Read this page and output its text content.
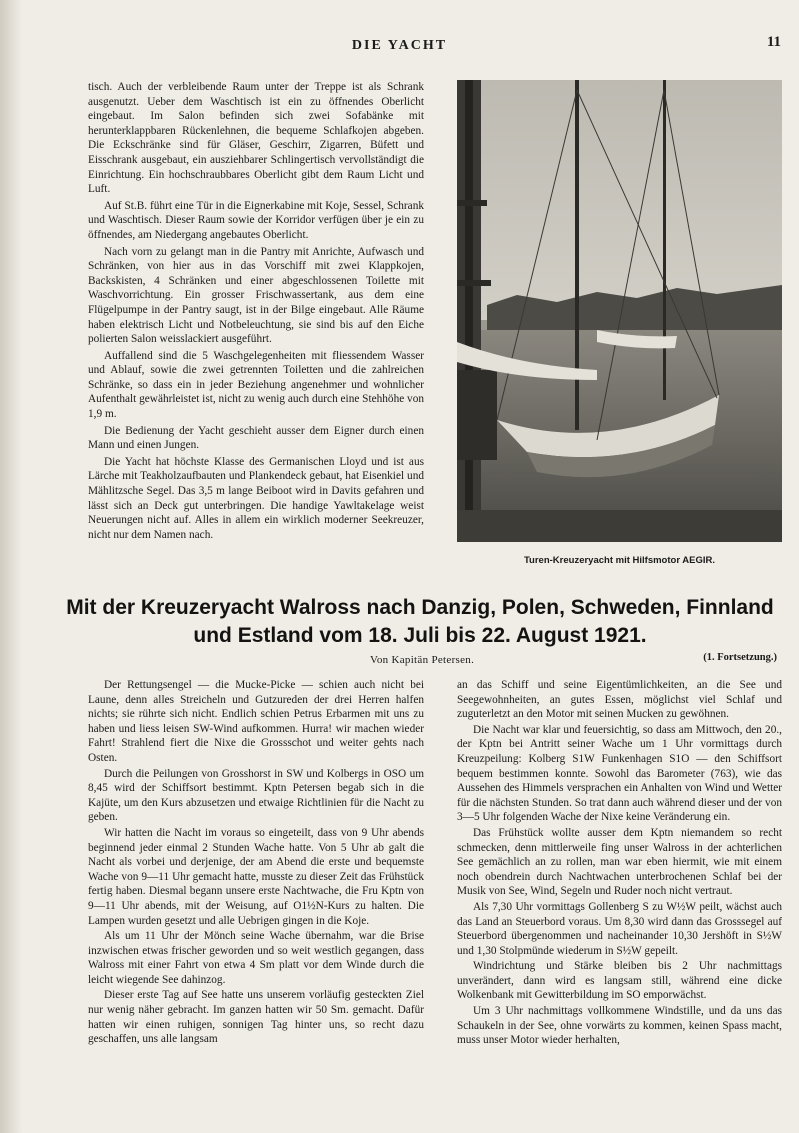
DIE YACHT	11

tisch. Auch der verbleibende Raum unter der Treppe ist als Schrank ausgenutzt. Ueber dem Waschtisch ist ein zu öffnendes Oberlicht eingebaut. Im Salon befinden sich zwei Sofabänke mit herunterklappbaren Rückenlehnen, die bequeme Schlafkojen abgeben. Die Eckschränke sind für Gläser, Geschirr, Zigarren, Büfett und Eisschrank ausgebaut, ein ausziehbarer Schlingertisch vervollständigt die Einrichtung. Ein hochschraubbares Oberlicht gibt dem Raum Licht und Luft.

Auf St.B. führt eine Tür in die Eignerkabine mit Koje, Sessel, Schrank und Waschtisch. Dieser Raum sowie der Korridor verfügen über je ein zu öffnendes, am Niedergang angebautes Oberlicht.

Nach vorn zu gelangt man in die Pantry mit Anrichte, Aufwasch und Schränken, von hier aus in das Vorschiff mit zwei Klappkojen, Backskisten, 4 Schränken und einer abgeschlossenen Toilette mit Waschvorrichtung. Ein grosser Frischwassertank, aus dem eine Flügelpumpe in der Pantry saugt, ist in der Bilge eingebaut. Alle Räume haben elektrisch Licht und Notbeleuchtung, sie sind bis auf den Eiche polierten Salon weisslackiert ausgeführt.

Auffallend sind die 5 Waschgelegenheiten mit fliessendem Wasser und Ablauf, sowie die zwei getrennten Toiletten und die zahlreichen Schränke, so dass ein in jeder Beziehung angenehmer und wohnlicher Aufenthalt gewährleistet ist, nicht zu wenig auch durch eine Stehhöhe von 1,9 m.

Die Bedienung der Yacht geschieht ausser dem Eigner durch einen Mann und einen Jungen.

Die Yacht hat höchste Klasse des Germanischen Lloyd und ist aus Lärche mit Teakholzaufbauten und Plankendeck gebaut, hat Eisenkiel und Mählitzsche Segel. Das 3,5 m lange Beiboot wird in Davits gefahren und lässt sich an Deck gut unterbringen. Die handige Yawltakelage weist Neuerungen nicht auf. Alles in allem ein wirklich moderner Seekreuzer, nicht nur dem Namen nach.

Turen-Kreuzeryacht mit Hilfsmotor AEGIR.
Mit der Kreuzeryacht Walross nach Danzig, Polen, Schweden, Finnland und Estland vom 18. Juli bis 22. August 1921.
Von Kapitän Petersen.	(1. Fortsetzung.)

Der Rettungsengel — die Mucke-Picke — schien auch nicht bei Laune, denn alles Streicheln und Gutzureden der drei Herren halfen nichts; sie rührte sich nicht. Endlich schien Petrus Erbarmen mit uns zu haben und liess leisen SW-Wind aufkommen. Hurra! wir machen wieder Fahrt! Strahlend fiert die Nixe die Grossschot und weiter gehts nach Osten.

Durch die Peilungen von Grosshorst in SW und Kolbergs in OSO um 8,45 wird der Schiffsort bestimmt. Kptn Petersen begab sich in die Kajüte, um den Kurs abzusetzen und etwaige Richtlinien für die Nacht zu geben.

Wir hatten die Nacht im voraus so eingeteilt, dass von 9 Uhr abends beginnend jeder einmal 2 Stunden Wache hatte. Von 5 Uhr ab galt die Nacht als vorbei und derjenige, der am Abend die erste und bequemste Wache von 9—11 Uhr gemacht hatte, musste zu dieser Zeit das Frühstück fertig haben. Diesmal begann unsere erste Nachtwache, die Fru Kptn von 9—11 Uhr abends, mit der Weisung, auf O1½N-Kurs zu halten. Die Lampen wurden gesetzt und alle Uebrigen gingen in die Koje.

Als um 11 Uhr der Mönch seine Wache übernahm, war die Brise inzwischen etwas frischer geworden und so weit westlich gegangen, dass Walross mit einer Fahrt von etwa 4 Sm platt vor dem Winde durch die leicht wiegende See dahinzog.

Dieser erste Tag auf See hatte uns unserem vorläufig gesteckten Ziel nur wenig näher gebracht. Im ganzen hatten wir 50 Sm. gemacht. Dafür hatten wir einen ruhigen, sonnigen Tag hinter uns, so recht dazu geschaffen, uns alle langsam

an das Schiff und seine Eigentümlichkeiten, an die See und Seegewohnheiten, an gutes Essen, möglichst viel Schlaf und zuguterletzt an den Motor mit seinen Mucken zu gewöhnen.

Die Nacht war klar und feuersichtig, so dass am Mittwoch, den 20., der Kptn bei Antritt seiner Wache um 1 Uhr vormittags durch Kreuzpeilung: Kolberg S1W Funkenhagen S1O — den Schiffsort bequem bestimmen konnte. Sowohl das Barometer (763), wie das Aussehen des Himmels versprachen ein Anhalten von Wind und Wetter für die nächsten Stunden. So trat dann auch während dieser und der von 3—5 Uhr folgenden Wache der Nixe keine Veränderung ein.

Das Frühstück wollte ausser dem Kptn niemandem so recht schmecken, denn mittlerweile fing unser Walross in der achterlichen See gemächlich an zu rollen, man war eben hiermit, wie mit einem noch obendrein durch Nachtwachen unterbrochenen Schlaf bei der Musik von See, Wind, Segeln und Ruder noch nicht vertraut.

Als 7,30 Uhr vormittags Gollenberg S zu W½W peilt, wächst auch das Land an Steuerbord voraus. Um 8,30 wird dann das Grosssegel auf Steuerbord übergenommen und nacheinander 10,30 Jershöft in S½W und 1,30 Stolpmünde wiederum in S½W gepeilt.

Windrichtung und Stärke bleiben bis 2 Uhr nachmittags unverändert, dann wird es langsam still, während eine dicke Wolkenbank mit Gewitterbildung im SO emporwächst.

Um 3 Uhr nachmittags vollkommene Windstille, und da uns das Schaukeln in der See, ohne vorwärts zu kommen, keinen Spass macht, muss unser Motor wieder herhalten,
